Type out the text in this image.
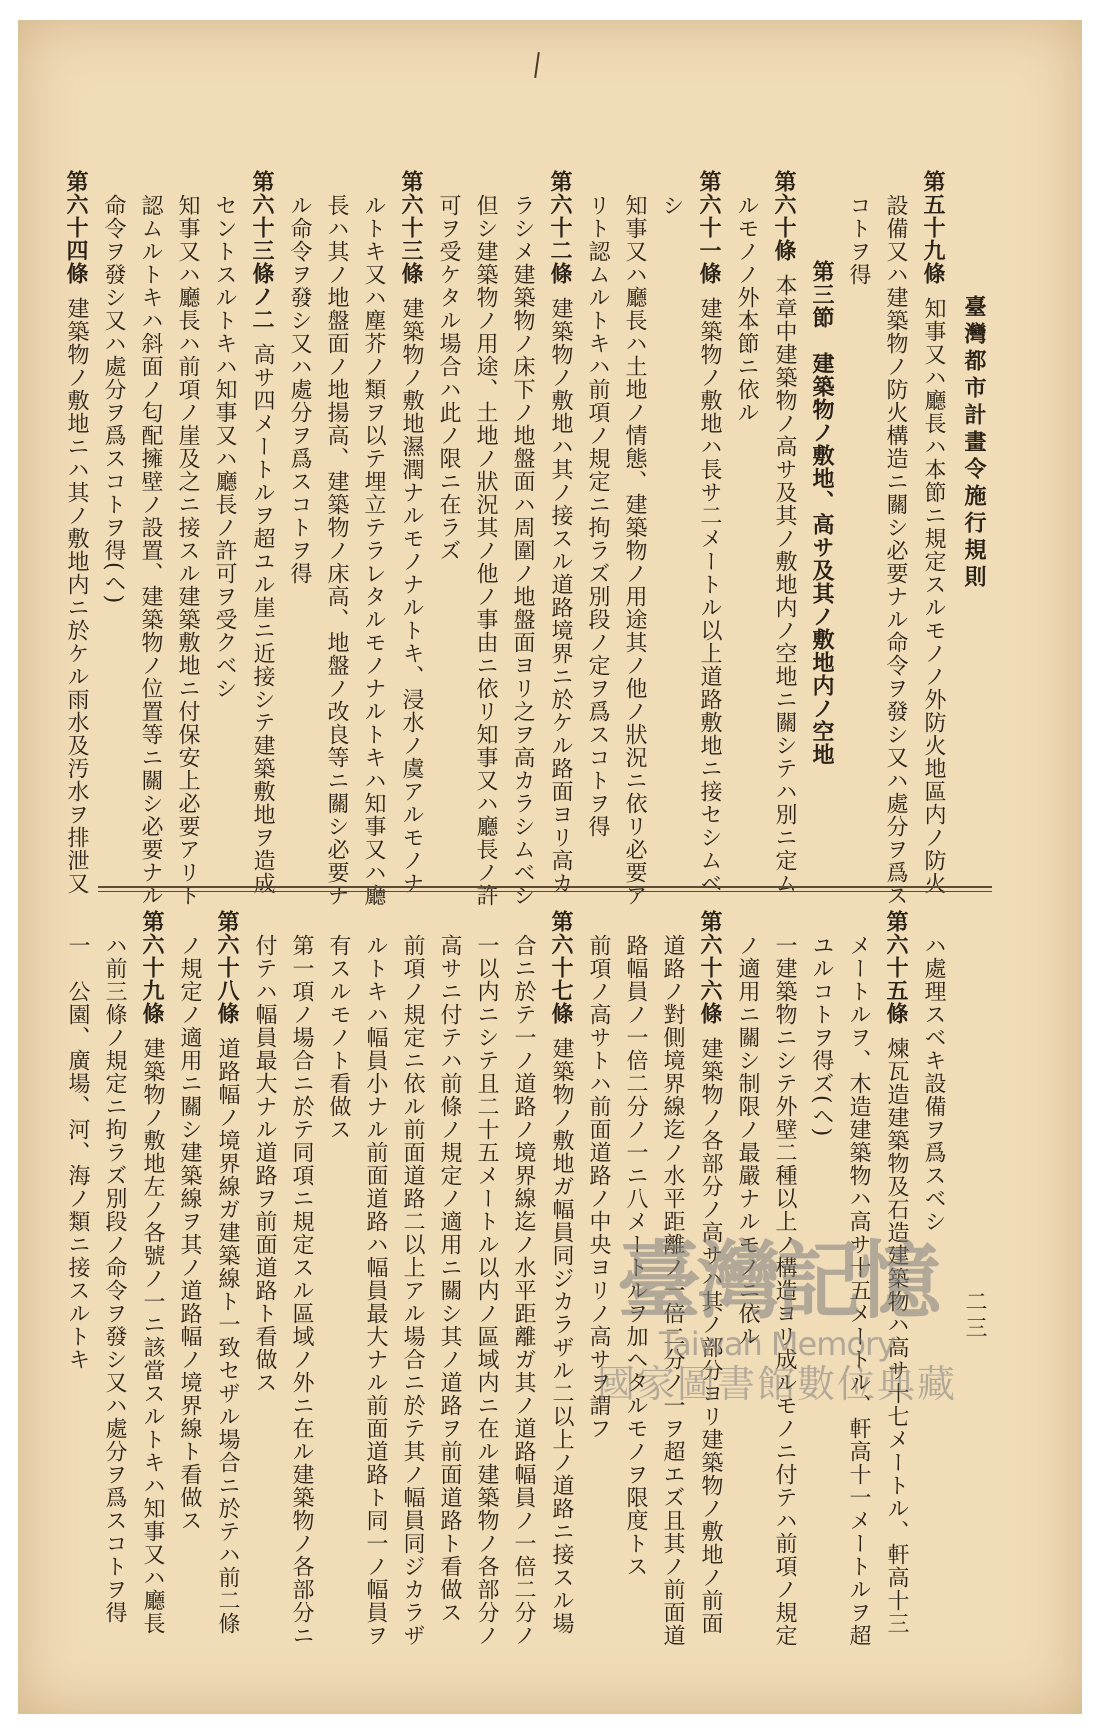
臺灣都市計畫令施行規則
二三
第五十九條知事又ハ廳長ハ本節ニ規定スルモノノ外防火地區内ノ防火
設備又ハ建築物ノ防火構造ニ關シ必要ナル命令ヲ發シ又ハ處分ヲ爲ス
コトヲ得
第三節　建築物ノ敷地、高サ及其ノ敷地内ノ空地
第六十條本章中建築物ノ高サ及其ノ敷地内ノ空地ニ關シテハ別ニ定ム
ルモノノ外本節ニ依ル
第六十一條建築物ノ敷地ハ長サ二メートル以上道路敷地ニ接セシムベ
シ
知事又ハ廳長ハ土地ノ情態、建築物ノ用途其ノ他ノ狀況ニ依リ必要ア
リト認ムルトキハ前項ノ規定ニ拘ラズ別段ノ定ヲ爲スコトヲ得
第六十二條建築物ノ敷地ハ其ノ接スル道路境界ニ於ケル路面ヨリ高カ
ラシメ建築物ノ床下ノ地盤面ハ周圍ノ地盤面ヨリ之ヲ高カラシムベシ
但シ建築物ノ用途、土地ノ狀況其ノ他ノ事由ニ依リ知事又ハ廳長ノ許
可ヲ受ケタル場合ハ此ノ限ニ在ラズ
第六十三條建築物ノ敷地濕潤ナルモノナルトキ、浸水ノ虞アルモノナ
ルトキ又ハ塵芥ノ類ヲ以テ埋立テラレタルモノナルトキハ知事又ハ廳
長ハ其ノ地盤面ノ地揚高、建築物ノ床高、地盤ノ改良等ニ關シ必要ナ
ル命令ヲ發シ又ハ處分ヲ爲スコトヲ得
第六十三條ノ二高サ四メートルヲ超ユル崖ニ近接シテ建築敷地ヲ造成
セントスルトキハ知事又ハ廳長ノ許可ヲ受クベシ
知事又ハ廳長ハ前項ノ崖及之ニ接スル建築敷地ニ付保安上必要アリト
認ムルトキハ斜面ノ匂配擁壁ノ設置、建築物ノ位置等ニ關シ必要ナル
命令ヲ發シ又ハ處分ヲ爲スコトヲ得(ヘ)
第六十四條建築物ノ敷地ニハ其ノ敷地内ニ於ケル雨水及汚水ヲ排泄又
ハ處理スベキ設備ヲ爲スベシ
第六十五條煉瓦造建築物及石造建築物ハ高サ十七メートル、軒高十三
メートルヲ、木造建築物ハ高サ十五メートル、軒高十一メートルヲ超
ユルコトヲ得ズ(ヘ)
一建築物ニシテ外壁二種以上ノ構造ヨリ成ルモノニ付テハ前項ノ規定
ノ適用ニ關シ制限ノ最嚴ナルモノニ依ル
第六十六條建築物ノ各部分ノ高サハ其ノ部分ヨリ建築物ノ敷地ノ前面
道路ノ對側境界線迄ノ水平距離ノ一倍二分ノ一ヲ超エズ且其ノ前面道
路幅員ノ一倍二分ノ一ニ八メートルヲ加ヘタルモノヲ限度トス
前項ノ高サトハ前面道路ノ中央ヨリノ高サヲ謂フ
第六十七條建築物ノ敷地ガ幅員同ジカラザル二以上ノ道路ニ接スル場
合ニ於テ一ノ道路ノ境界線迄ノ水平距離ガ其ノ道路幅員ノ一倍二分ノ
一以内ニシテ且二十五メートル以内ノ區域内ニ在ル建築物ノ各部分ノ
高サニ付テハ前條ノ規定ノ適用ニ關シ其ノ道路ヲ前面道路ト看做ス
前項ノ規定ニ依ル前面道路二以上アル場合ニ於テ其ノ幅員同ジカラザ
ルトキハ幅員小ナル前面道路ハ幅員最大ナル前面道路ト同一ノ幅員ヲ
有スルモノト看做ス
第一項ノ場合ニ於テ同項ニ規定スル區域ノ外ニ在ル建築物ノ各部分ニ
付テハ幅員最大ナル道路ヲ前面道路ト看做ス
第六十八條道路幅ノ境界線ガ建築線ト一致セザル場合ニ於テハ前二條
ノ規定ノ適用ニ關シ建築線ヲ其ノ道路幅ノ境界線ト看做ス
第六十九條建築物ノ敷地左ノ各號ノ一ニ該當スルトキハ知事又ハ廳長
ハ前三條ノ規定ニ拘ラズ別段ノ命令ヲ發シ又ハ處分ヲ爲スコトヲ得
一　公園、廣場、河、海ノ類ニ接スルトキ	臺灣記憶
Taiwan Memory
國家圖書館數位典藏
